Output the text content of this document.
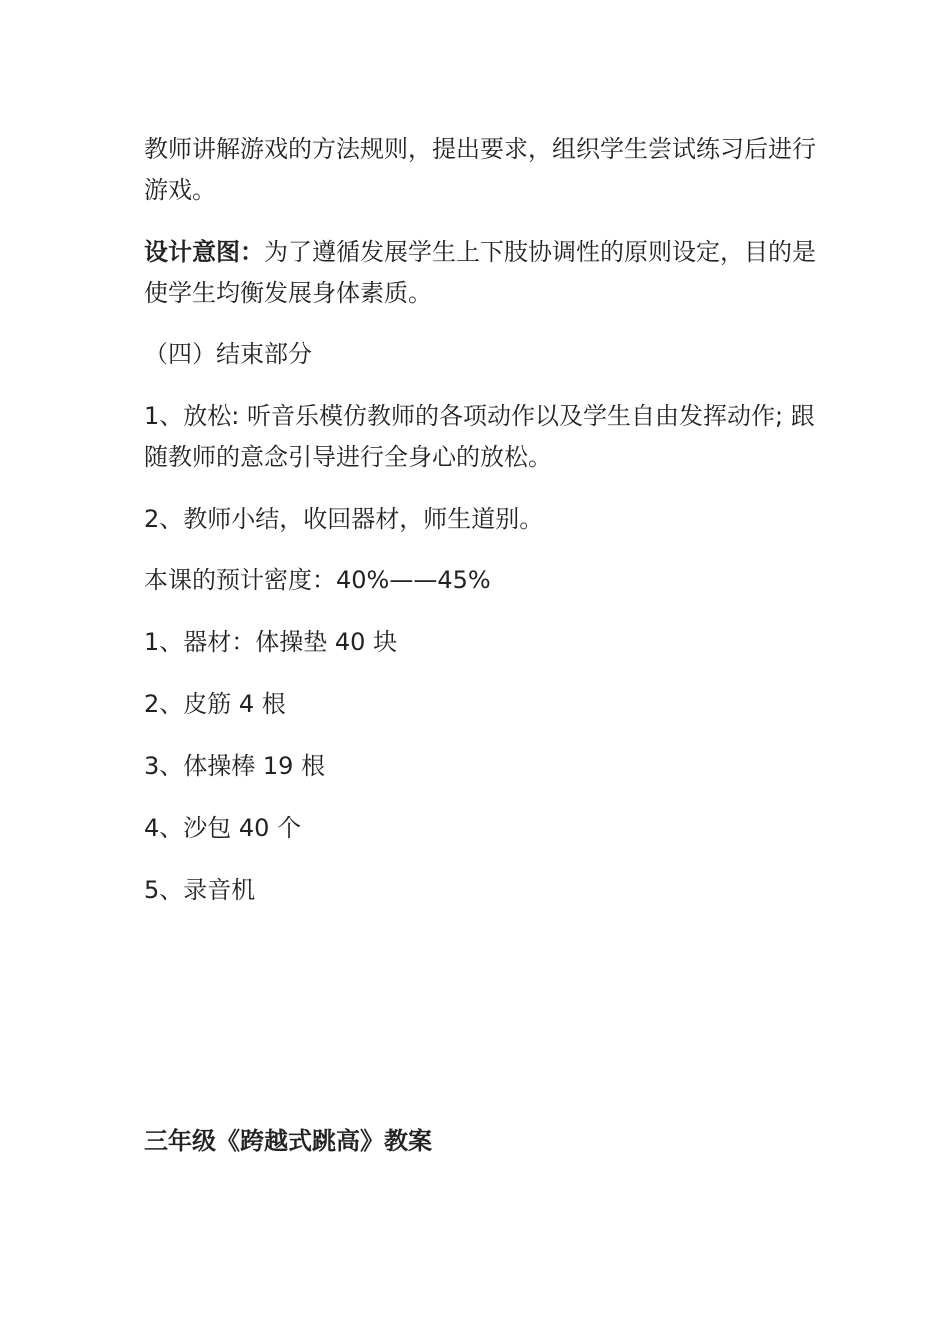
教师讲解游戏的方法规则，提出要求，组织学生尝试练习后进行游戏。

设计意图：为了遵循发展学生上下肢协调性的原则设定，目的是使学生均衡发展身体素质。

（四）结束部分

1、放松: 听音乐模仿教师的各项动作以及学生自由发挥动作; 跟随教师的意念引导进行全身心的放松。

2、教师小结，收回器材，师生道别。

本课的预计密度：40%——45%

1、器材：体操垫 40 块

2、皮筋 4 根

3、体操棒 19 根

4、沙包 40 个

5、录音机

三年级《跨越式跳高》教案
